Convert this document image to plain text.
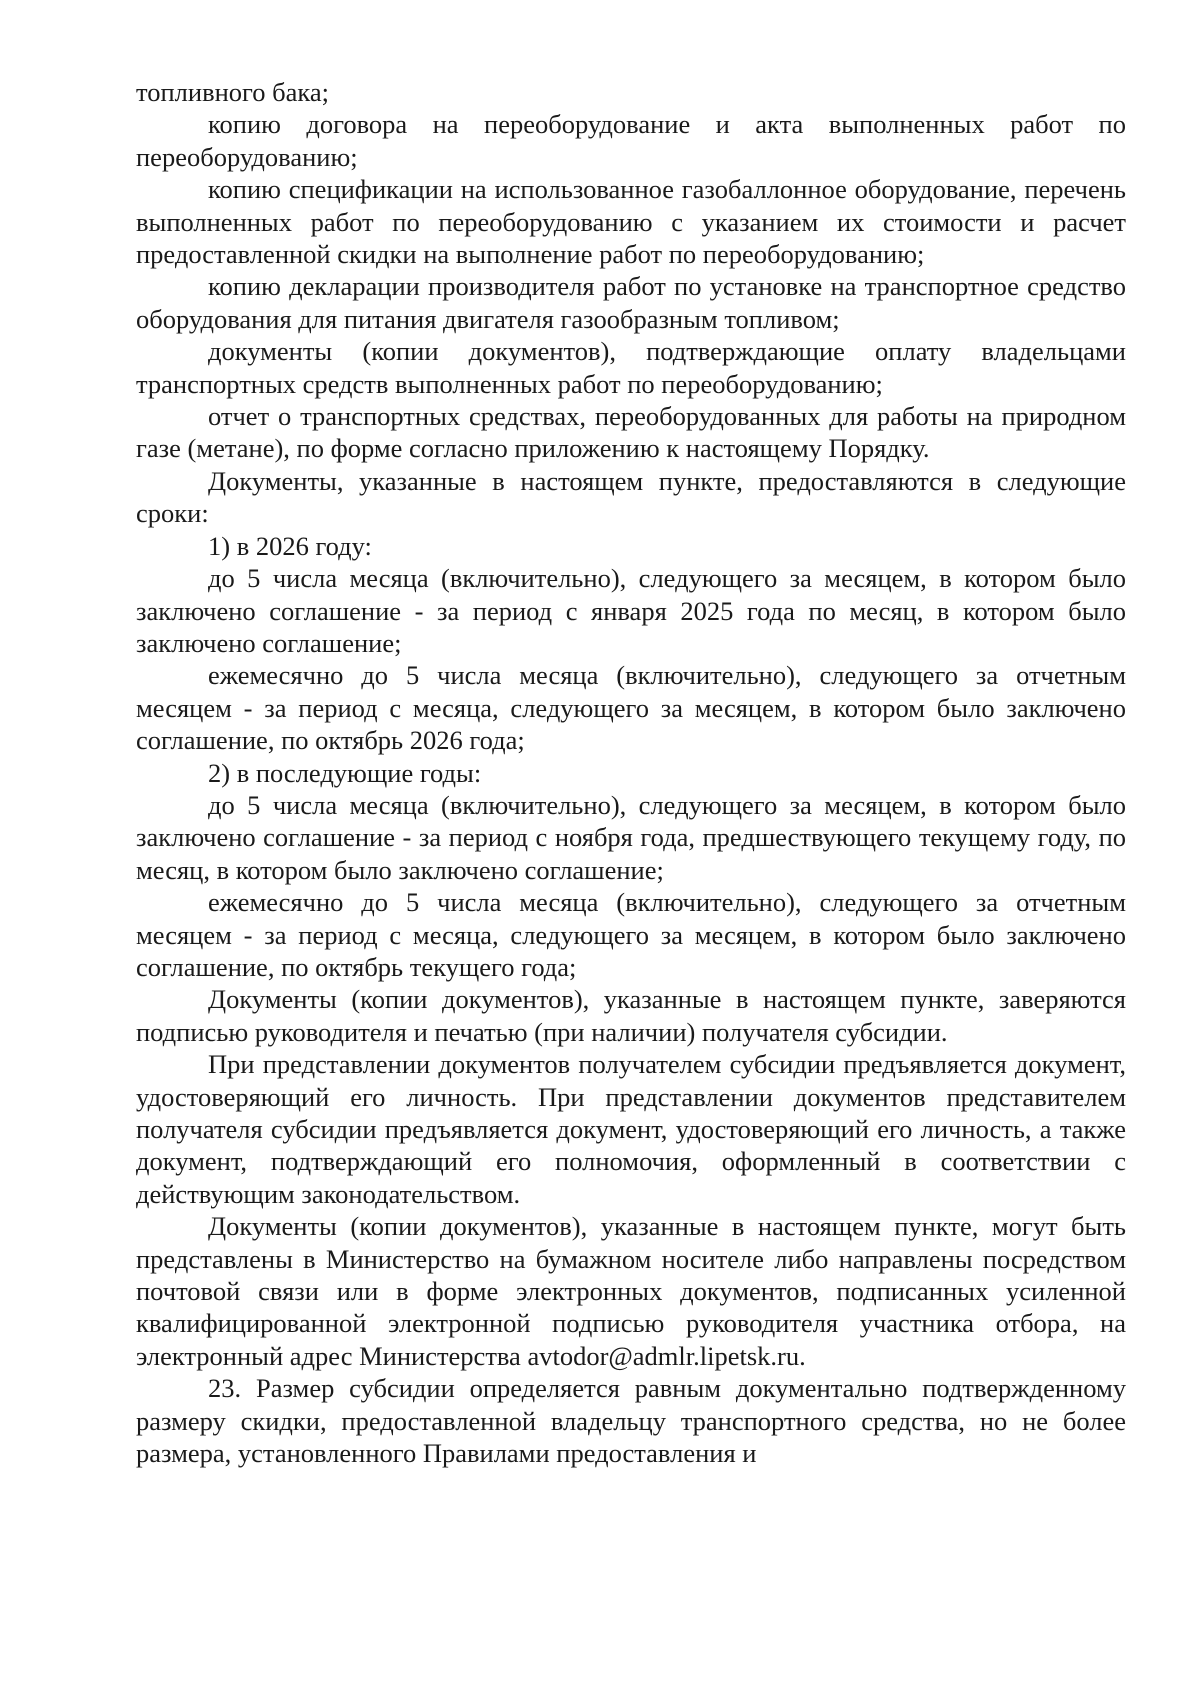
топливного бака;

копию договора на переоборудование и акта выполненных работ по переоборудованию;

копию спецификации на использованное газобаллонное оборудование, перечень выполненных работ по переоборудованию с указанием их стоимости и расчет предоставленной скидки на выполнение работ по переоборудованию;

копию декларации производителя работ по установке на транспортное средство оборудования для питания двигателя газообразным топливом;

документы (копии документов), подтверждающие оплату владельцами транспортных средств выполненных работ по переоборудованию;

отчет о транспортных средствах, переоборудованных для работы на природном газе (метане), по форме согласно приложению к настоящему Порядку.

Документы, указанные в настоящем пункте, предоставляются в следующие сроки:

1) в 2026 году:

до 5 числа месяца (включительно), следующего за месяцем, в котором было заключено соглашение - за период с января 2025 года по месяц, в котором было заключено соглашение;

ежемесячно до 5 числа месяца (включительно), следующего за отчетным месяцем - за период с месяца, следующего за месяцем, в котором было заключено соглашение, по октябрь 2026 года;

2) в последующие годы:

до 5 числа месяца (включительно), следующего за месяцем, в котором было заключено соглашение - за период с ноября года, предшествующего текущему году, по месяц, в котором было заключено соглашение;

ежемесячно до 5 числа месяца (включительно), следующего за отчетным месяцем - за период с месяца, следующего за месяцем, в котором было заключено соглашение, по октябрь текущего года;

Документы (копии документов), указанные в настоящем пункте, заверяются подписью руководителя и печатью (при наличии) получателя субсидии.

При представлении документов получателем субсидии предъявляется документ, удостоверяющий его личность. При представлении документов представителем получателя субсидии предъявляется документ, удостоверяющий его личность, а также документ, подтверждающий его полномочия, оформленный в соответствии с действующим законодательством.

Документы (копии документов), указанные в настоящем пункте, могут быть представлены в Министерство на бумажном носителе либо направлены посредством почтовой связи или в форме электронных документов, подписанных усиленной квалифицированной электронной подписью руководителя участника отбора, на электронный адрес Министерства avtodor@admlr.lipetsk.ru.

23. Размер субсидии определяется равным документально подтвержденному размеру скидки, предоставленной владельцу транспортного средства, но не более размера, установленного Правилами предоставления и
